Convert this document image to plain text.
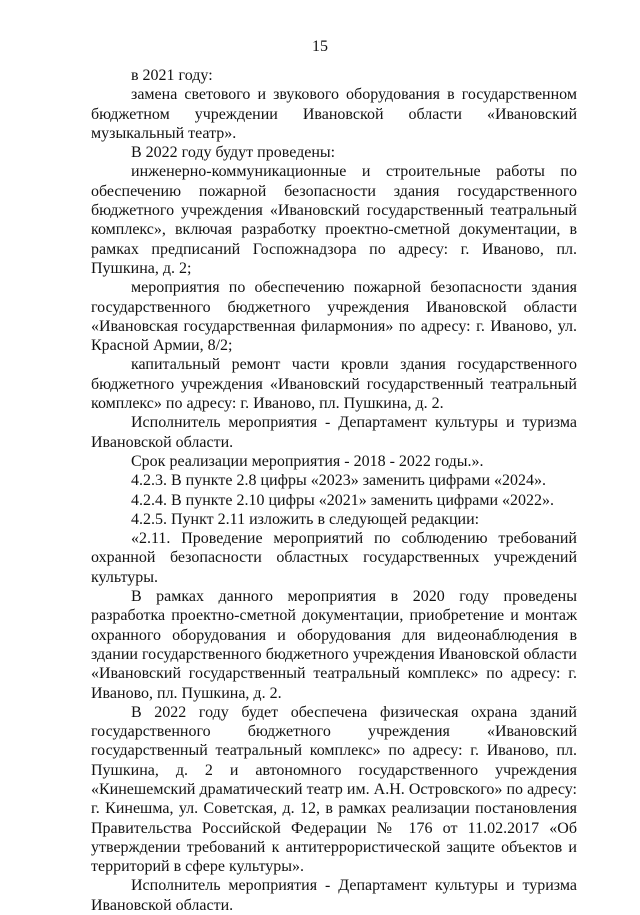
15

в 2021 году:

замена светового и звукового оборудования в государственном бюджетном учреждении Ивановской области «Ивановский музыкальный театр».

В 2022 году будут проведены:

инженерно-коммуникационные и строительные работы по обеспечению пожарной безопасности здания государственного бюджетного учреждения «Ивановский государственный театральный комплекс», включая разработку проектно-сметной документации, в рамках предписаний Госпожнадзора по адресу: г. Иваново, пл. Пушкина, д. 2;

мероприятия по обеспечению пожарной безопасности здания государственного бюджетного учреждения Ивановской области «Ивановская государственная филармония» по адресу: г. Иваново, ул. Красной Армии, 8/2;

капитальный ремонт части кровли здания государственного бюджетного учреждения «Ивановский государственный театральный комплекс» по адресу: г. Иваново, пл. Пушкина, д. 2.

Исполнитель мероприятия - Департамент культуры и туризма Ивановской области.

Срок реализации мероприятия - 2018 - 2022 годы.».

4.2.3. В пункте 2.8 цифры «2023» заменить цифрами «2024».

4.2.4. В пункте 2.10 цифры «2021» заменить цифрами «2022».

4.2.5. Пункт 2.11 изложить в следующей редакции:

«2.11. Проведение мероприятий по соблюдению требований охранной безопасности областных государственных учреждений культуры.

В рамках данного мероприятия в 2020 году проведены разработка проектно-сметной документации, приобретение и монтаж охранного оборудования и оборудования для видеонаблюдения в здании государственного бюджетного учреждения Ивановской области «Ивановский государственный театральный комплекс» по адресу: г. Иваново, пл. Пушкина, д. 2.

В 2022 году будет обеспечена физическая охрана зданий государственного бюджетного учреждения «Ивановский государственный театральный комплекс» по адресу: г. Иваново, пл. Пушкина, д. 2 и автономного государственного учреждения «Кинешемский драматический театр им. А.Н. Островского» по адресу: г. Кинешма, ул. Советская, д. 12, в рамках реализации постановления Правительства Российской Федерации № 176 от 11.02.2017 «Об утверждении требований к антитеррористической защите объектов и территорий в сфере культуры».

Исполнитель мероприятия - Департамент культуры и туризма Ивановской области.
